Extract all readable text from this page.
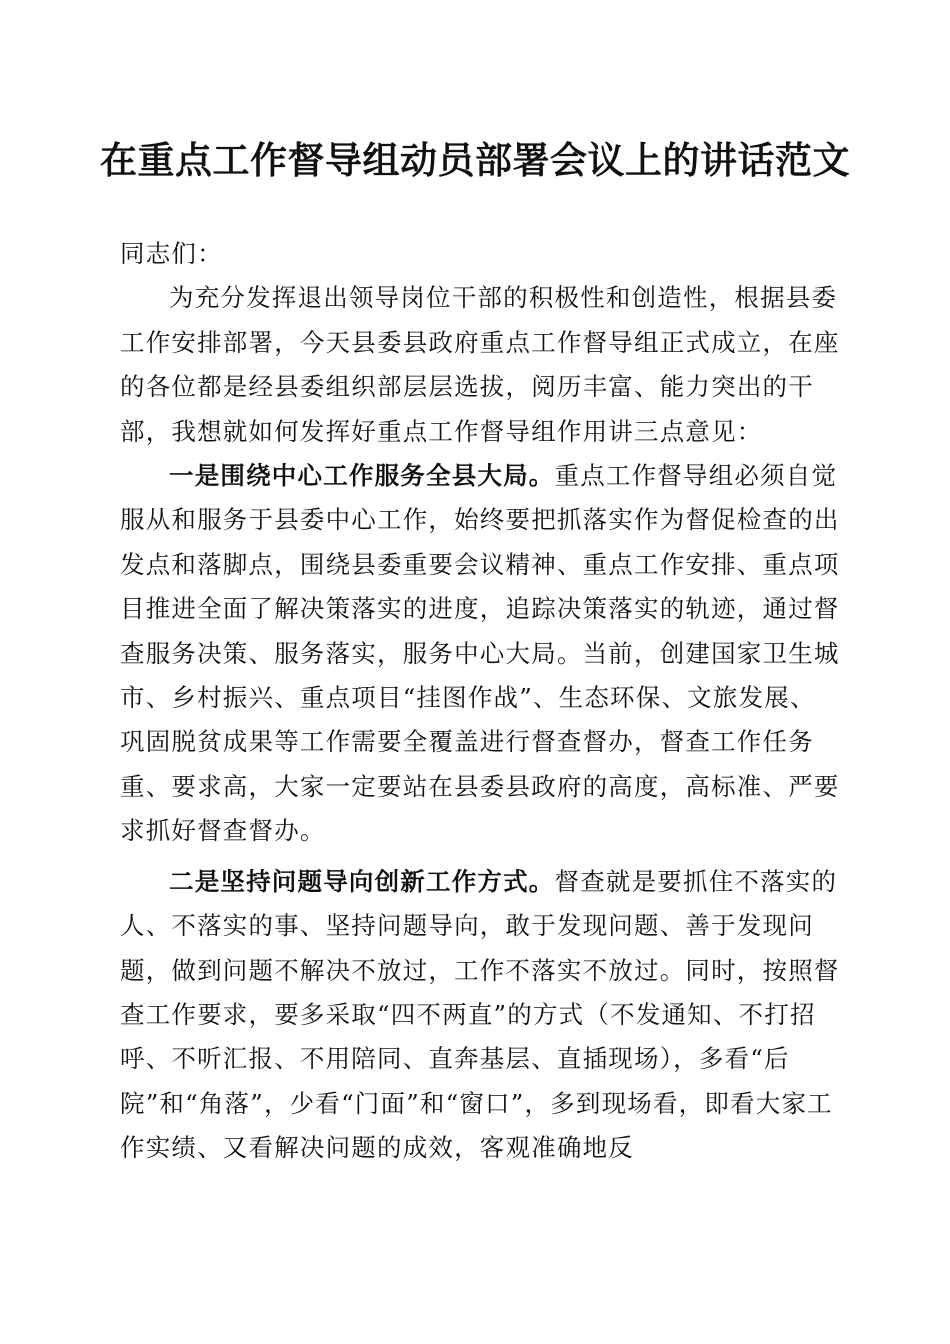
在重点工作督导组动员部署会议上的讲话范文

同志们：

为充分发挥退出领导岗位干部的积极性和创造性，根据县委工作安排部署，今天县委县政府重点工作督导组正式成立，在座的各位都是经县委组织部层层选拔，阅历丰富、能力突出的干部，我想就如何发挥好重点工作督导组作用讲三点意见：

一是围绕中心工作服务全县大局。重点工作督导组必须自觉服从和服务于县委中心工作，始终要把抓落实作为督促检查的出发点和落脚点，围绕县委重要会议精神、重点工作安排、重点项目推进全面了解决策落实的进度，追踪决策落实的轨迹，通过督查服务决策、服务落实，服务中心大局。当前，创建国家卫生城市、乡村振兴、重点项目“挂图作战”、生态环保、文旅发展、巩固脱贫成果等工作需要全覆盖进行督查督办，督查工作任务重、要求高，大家一定要站在县委县政府的高度，高标准、严要求抓好督查督办。

二是坚持问题导向创新工作方式。督查就是要抓住不落实的人、不落实的事、坚持问题导向，敢于发现问题、善于发现问题，做到问题不解决不放过，工作不落实不放过。同时，按照督查工作要求，要多采取“四不两直”的方式（不发通知、不打招呼、不听汇报、不用陪同、直奔基层、直插现场），多看“后院”和“角落”，少看“门面”和“窗口”，多到现场看，即看大家工作实绩、又看解决问题的成效，客观准确地反
